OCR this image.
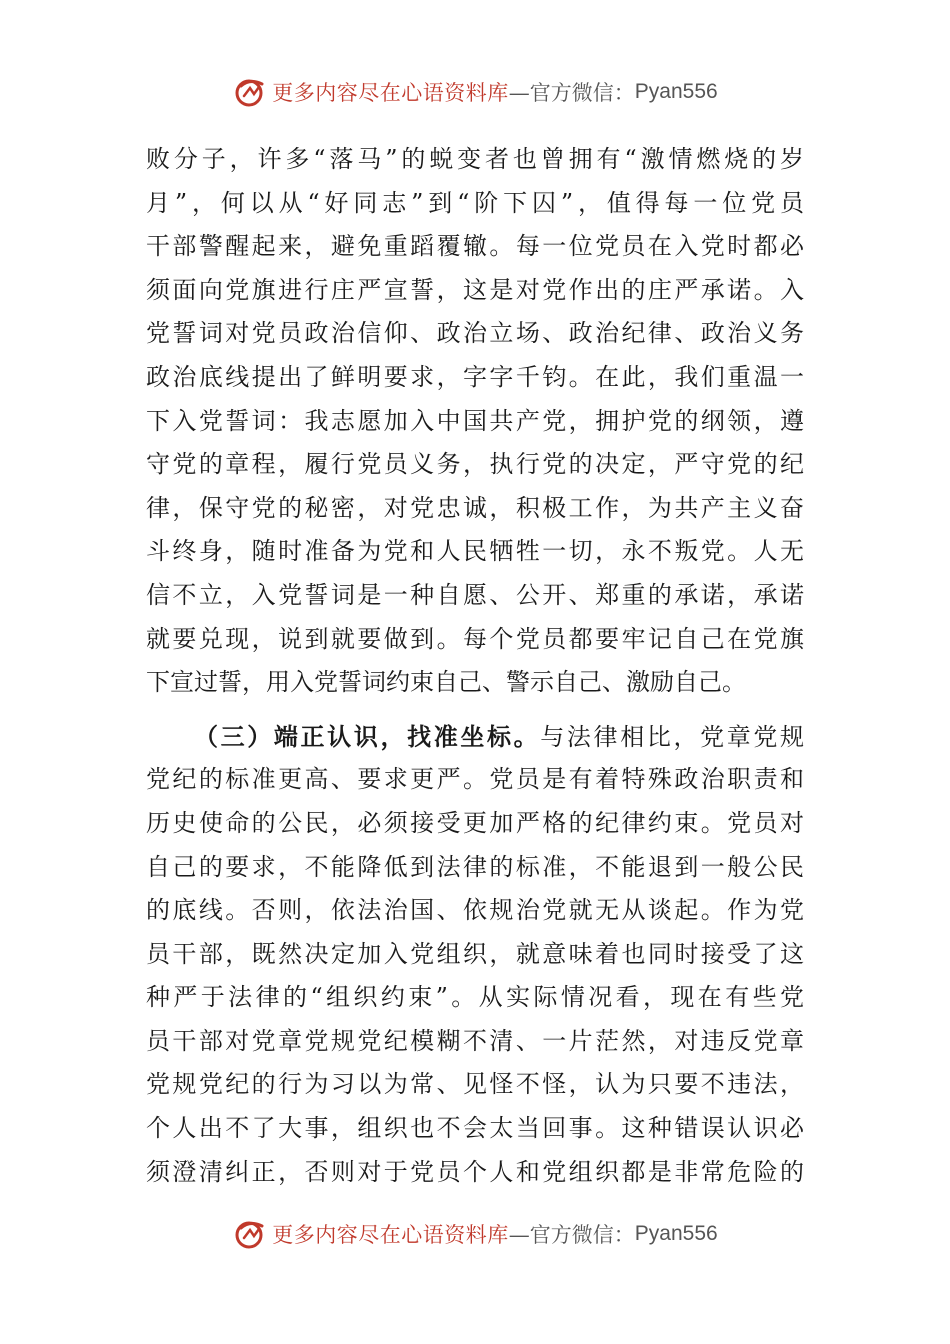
更多内容尽在心语资料库 —官方微信： Pyan556
败分子，许多“落马”的蜕变者也曾拥有“激情燃烧的岁
月”，何以从“好同志”到“阶下囚”，值得每一位党员
干部警醒起来，避免重蹈覆辙。每一位党员在入党时都必
须面向党旗进行庄严宣誓，这是对党作出的庄严承诺。入
党誓词对党员政治信仰、政治立场、政治纪律、政治义务
政治底线提出了鲜明要求，字字千钧。在此，我们重温一
下入党誓词：我志愿加入中国共产党，拥护党的纲领，遵
守党的章程，履行党员义务，执行党的决定，严守党的纪
律，保守党的秘密，对党忠诚，积极工作，为共产主义奋
斗终身，随时准备为党和人民牺牲一切，永不叛党。人无
信不立，入党誓词是一种自愿、公开、郑重的承诺，承诺
就要兑现，说到就要做到。每个党员都要牢记自己在党旗
下宣过誓，用入党誓词约束自己、警示自己、激励自己。
（三）端正认识，找准坐标。与法律相比，党章党规
党纪的标准更高、要求更严。党员是有着特殊政治职责和
历史使命的公民，必须接受更加严格的纪律约束。党员对
自己的要求，不能降低到法律的标准，不能退到一般公民
的底线。否则，依法治国、依规治党就无从谈起。作为党
员干部，既然决定加入党组织，就意味着也同时接受了这
种严于法律的“组织约束”。从实际情况看，现在有些党
员干部对党章党规党纪模糊不清、一片茫然，对违反党章
党规党纪的行为习以为常、见怪不怪，认为只要不违法，
个人出不了大事，组织也不会太当回事。这种错误认识必
须澄清纠正，否则对于党员个人和党组织都是非常危险的
更多内容尽在心语资料库 —官方微信： Pyan556
